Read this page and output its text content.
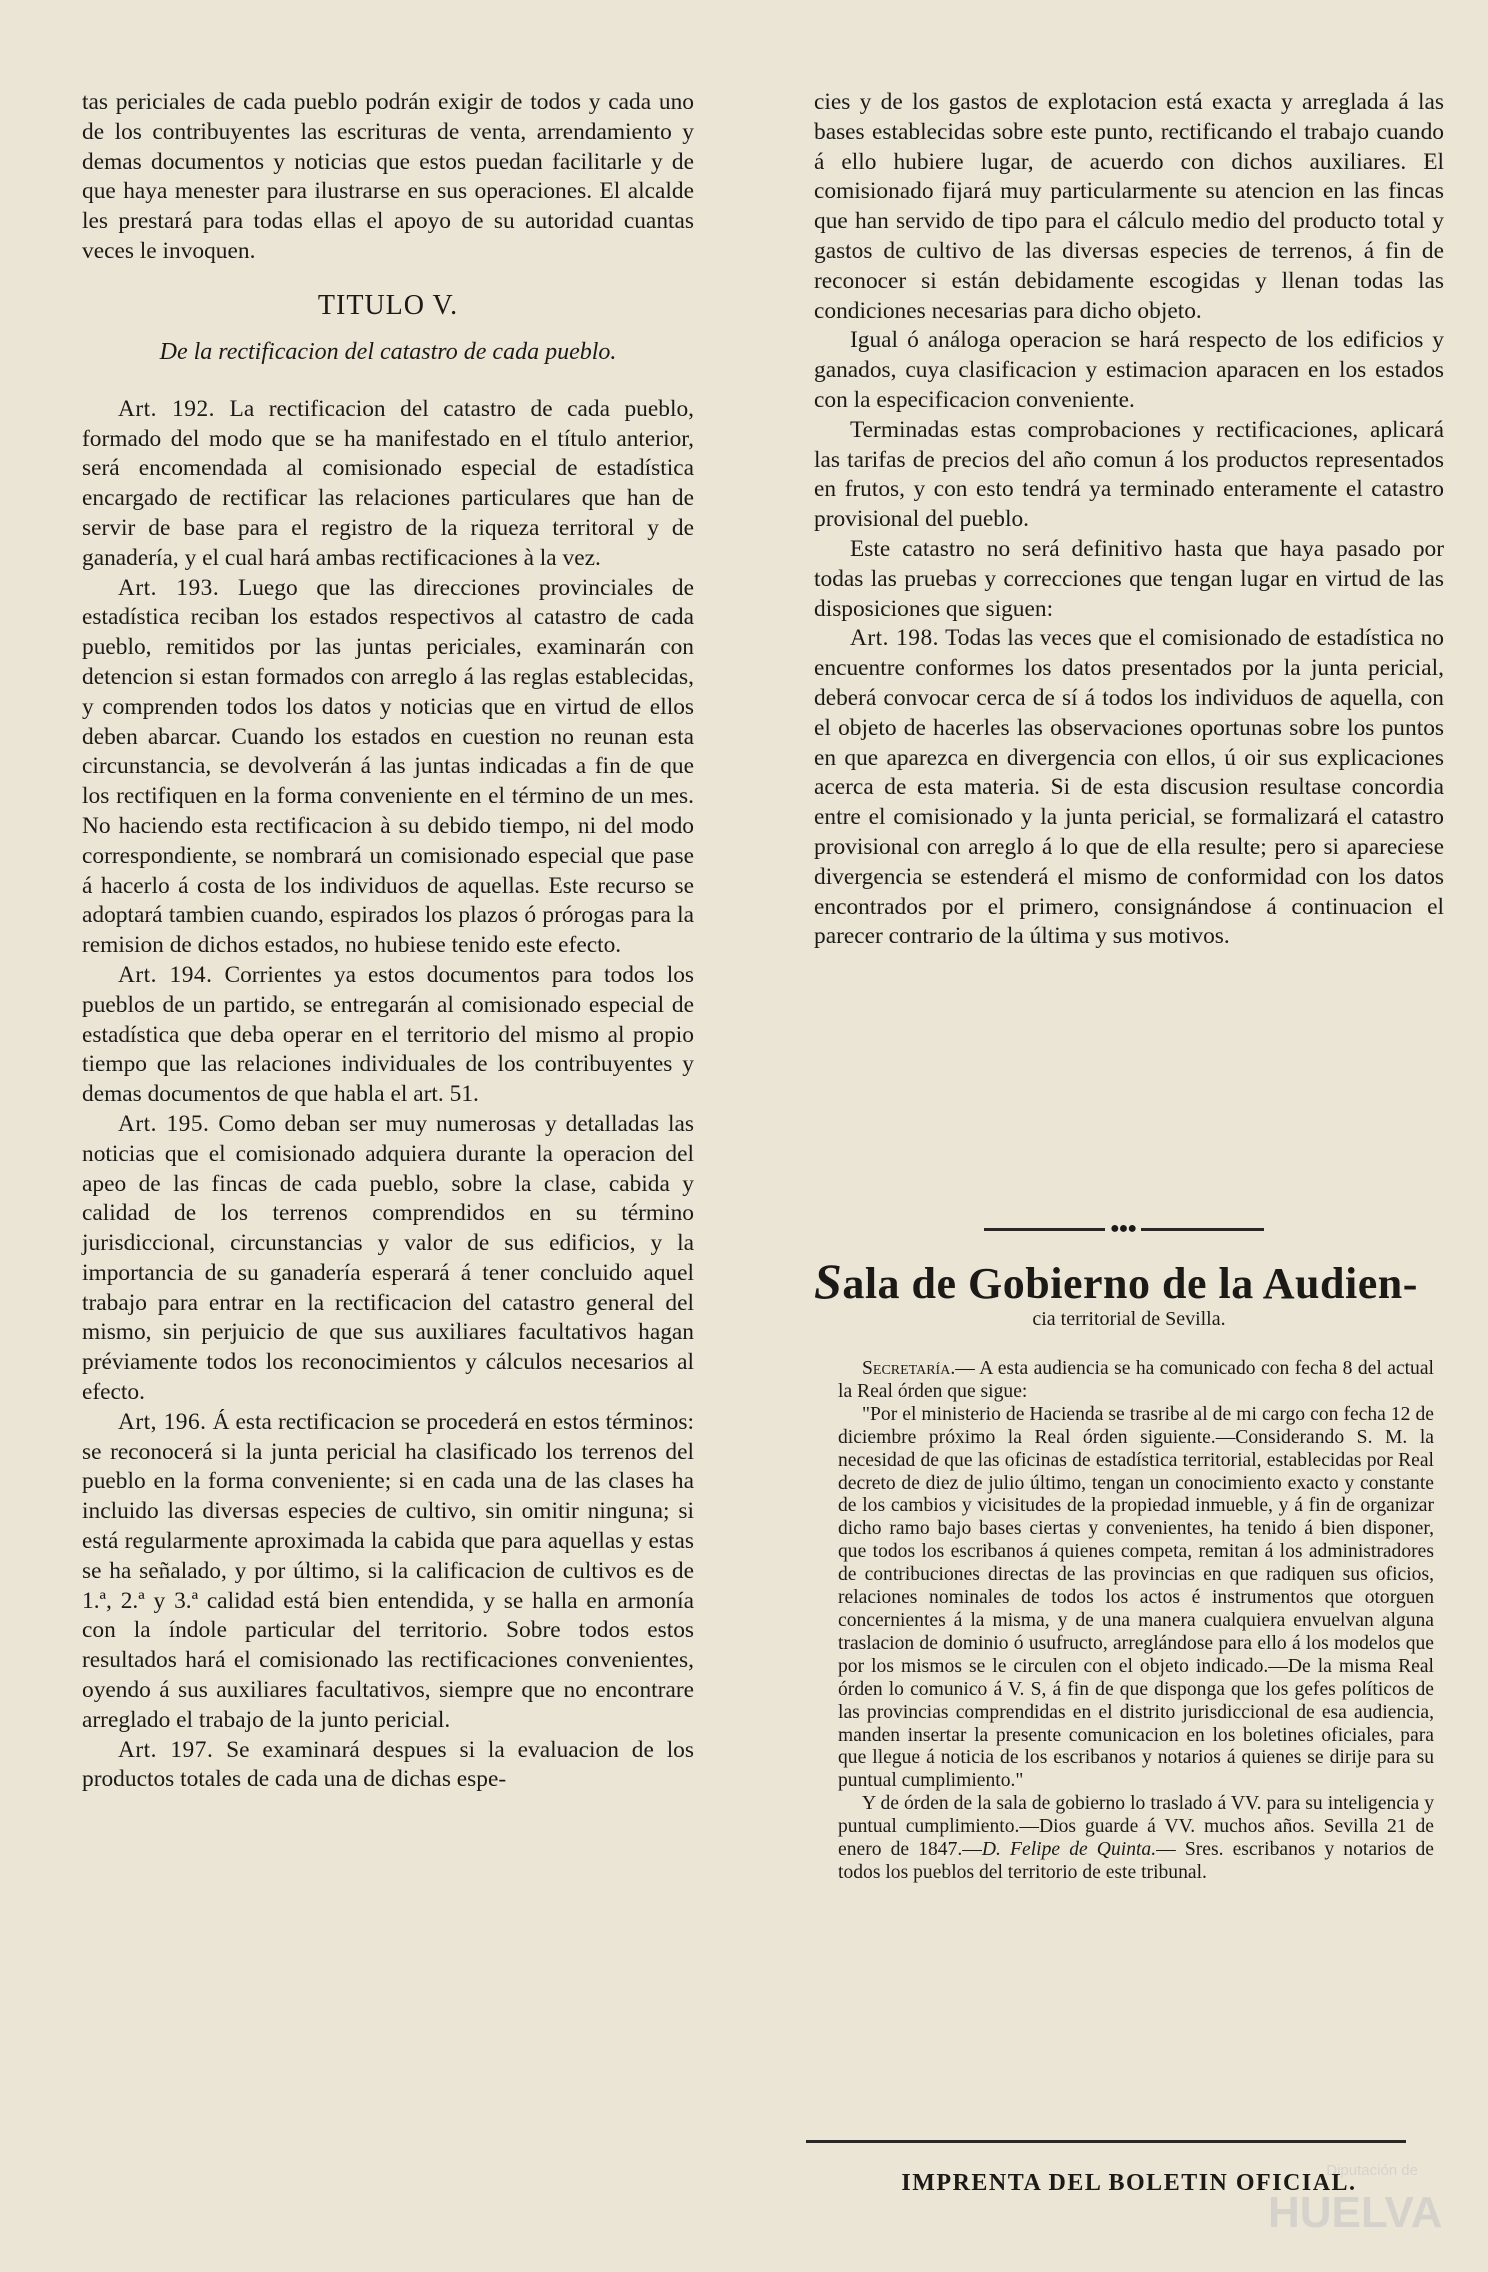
tas periciales de cada pueblo podrán exigir de todos y cada uno de los contribuyentes las escrituras de venta, arrendamiento y demas documentos y noticias que estos puedan facilitarle y de que haya menester para ilustrarse en sus operaciones. El alcalde les prestará para todas ellas el apoyo de su autoridad cuantas veces le invoquen.

TITULO V.
De la rectificacion del catastro de cada pueblo.

Art. 192. La rectificacion del catastro de cada pueblo, formado del modo que se ha manifestado en el título anterior, será encomendada al comisionado especial de estadística encargado de rectificar las relaciones particulares que han de servir de base para el registro de la riqueza territoral y de ganadería, y el cual hará ambas rectificaciones à la vez.

Art. 193. Luego que las direcciones provinciales de estadística reciban los estados respectivos al catastro de cada pueblo, remitidos por las juntas periciales, examinarán con detencion si estan formados con arreglo á las reglas establecidas, y comprenden todos los datos y noticias que en virtud de ellos deben abarcar. Cuando los estados en cuestion no reunan esta circunstancia, se devolverán á las juntas indicadas a fin de que los rectifiquen en la forma conveniente en el término de un mes. No haciendo esta rectificacion à su debido tiempo, ni del modo correspondiente, se nombrará un comisionado especial que pase á hacerlo á costa de los individuos de aquellas. Este recurso se adoptará tambien cuando, espirados los plazos ó prórogas para la remision de dichos estados, no hubiese tenido este efecto.

Art. 194. Corrientes ya estos documentos para todos los pueblos de un partido, se entregarán al comisionado especial de estadística que deba operar en el territorio del mismo al propio tiempo que las relaciones individuales de los contribuyentes y demas documentos de que habla el art. 51.

Art. 195. Como deban ser muy numerosas y detalladas las noticias que el comisionado adquiera durante la operacion del apeo de las fincas de cada pueblo, sobre la clase, cabida y calidad de los terrenos comprendidos en su término jurisdiccional, circunstancias y valor de sus edificios, y la importancia de su ganadería esperará á tener concluido aquel trabajo para entrar en la rectificacion del catastro general del mismo, sin perjuicio de que sus auxiliares facultativos hagan préviamente todos los reconocimientos y cálculos necesarios al efecto.

Art, 196. Á esta rectificacion se procederá en estos términos: se reconocerá si la junta pericial ha clasificado los terrenos del pueblo en la forma conveniente; si en cada una de las clases ha incluido las diversas especies de cultivo, sin omitir ninguna; si está regularmente aproximada la cabida que para aquellas y estas se ha señalado, y por último, si la calificacion de cultivos es de 1.ª, 2.ª y 3.ª calidad está bien entendida, y se halla en armonía con la índole particular del territorio. Sobre todos estos resultados hará el comisionado las rectificaciones convenientes, oyendo á sus auxiliares facultativos, siempre que no encontrare arreglado el trabajo de la junto pericial.

Art. 197. Se examinará despues si la evaluacion de los productos totales de cada una de dichas espe-

cies y de los gastos de explotacion está exacta y arreglada á las bases establecidas sobre este punto, rectificando el trabajo cuando á ello hubiere lugar, de acuerdo con dichos auxiliares. El comisionado fijará muy particularmente su atencion en las fincas que han servido de tipo para el cálculo medio del producto total y gastos de cultivo de las diversas especies de terrenos, á fin de reconocer si están debidamente escogidas y llenan todas las condiciones necesarias para dicho objeto.

Igual ó análoga operacion se hará respecto de los edificios y ganados, cuya clasificacion y estimacion aparacen en los estados con la especificacion conveniente.

Terminadas estas comprobaciones y rectificaciones, aplicará las tarifas de precios del año comun á los productos representados en frutos, y con esto tendrá ya terminado enteramente el catastro provisional del pueblo.

Este catastro no será definitivo hasta que haya pasado por todas las pruebas y correcciones que tengan lugar en virtud de las disposiciones que siguen:

Art. 198. Todas las veces que el comisionado de estadística no encuentre conformes los datos presentados por la junta pericial, deberá convocar cerca de sí á todos los individuos de aquella, con el objeto de hacerles las observaciones oportunas sobre los puntos en que aparezca en divergencia con ellos, ú oir sus explicaciones acerca de esta materia. Si de esta discusion resultase concordia entre el comisionado y la junta pericial, se formalizará el catastro provisional con arreglo á lo que de ella resulte; pero si apareciese divergencia se estenderá el mismo de conformidad con los datos encontrados por el primero, consignándose á continuacion el parecer contrario de la última y sus motivos.

●●●
Sala de Gobierno de la Audien-
cia territorial de Sevilla.

Secretaría.— A esta audiencia se ha comunicado con fecha 8 del actual la Real órden que sigue:

"Por el ministerio de Hacienda se trasribe al de mi cargo con fecha 12 de diciembre próximo la Real órden siguiente.—Considerando S. M. la necesidad de que las oficinas de estadística territorial, establecidas por Real decreto de diez de julio último, tengan un conocimiento exacto y constante de los cambios y vicisitudes de la propiedad inmueble, y á fin de organizar dicho ramo bajo bases ciertas y convenientes, ha tenido á bien disponer, que todos los escribanos á quienes competa, remitan á los administradores de contribuciones directas de las provincias en que radiquen sus oficios, relaciones nominales de todos los actos é instrumentos que otorguen concernientes á la misma, y de una manera cualquiera envuelvan alguna traslacion de dominio ó usufructo, arreglándose para ello á los modelos que por los mismos se le circulen con el objeto indicado.—De la misma Real órden lo comunico á V. S, á fin de que disponga que los gefes políticos de las provincias comprendidas en el distrito jurisdiccional de esa audiencia, manden insertar la presente comunicacion en los boletines oficiales, para que llegue á noticia de los escribanos y notarios á quienes se dirije para su puntual cumplimiento."

Y de órden de la sala de gobierno lo traslado á VV. para su inteligencia y puntual cumplimiento.—Dios guarde á VV. muchos años. Sevilla 21 de enero de 1847.—D. Felipe de Quinta.— Sres. escribanos y notarios de todos los pueblos del territorio de este tribunal.

IMPRENTA DEL BOLETIN OFICIAL.
Diputación de
HUELVA
